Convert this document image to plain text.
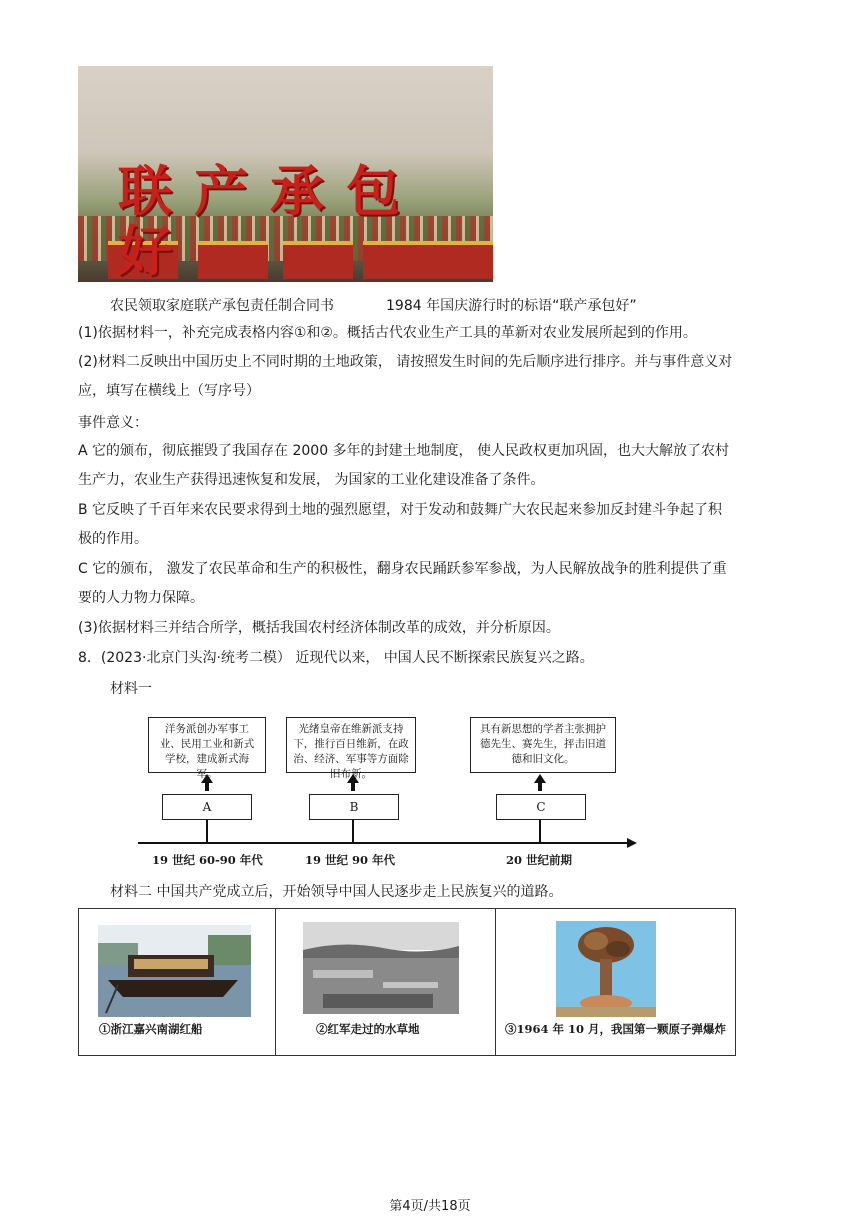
联产承包好
农民领取家庭联产承包责任制合同书	1984 年国庆游行时的标语“联产承包好”
(1)依据材料一，补充完成表格内容①和②。概括古代农业生产工具的革新对农业发展所起到的作用。
(2)材料二反映出中国历史上不同时期的土地政策， 请按照发生时间的先后顺序进行排序。并与事件意义对
应，填写在横线上（写序号）
事件意义：
A 它的颁布，彻底摧毁了我国存在 2000 多年的封建土地制度， 使人民政权更加巩固，也大大解放了农村
生产力，农业生产获得迅速恢复和发展， 为国家的工业化建设准备了条件。
B 它反映了千百年来农民要求得到土地的强烈愿望，对于发动和鼓舞广大农民起来参加反封建斗争起了积
极的作用。
C 它的颁布， 激发了农民革命和生产的积极性，翻身农民踊跃参军参战，为人民解放战争的胜利提供了重
要的人力物力保障。
(3)依据材料三并结合所学，概括我国农村经济体制改革的成效，并分析原因。
8．(2023·北京门头沟·统考二模） 近现代以来， 中国人民不断探索民族复兴之路。
材料一
洋务派创办军事工业、民用工业和新式学校，建成新式海军。
光绪皇帝在维新派支持下，推行百日维新，在政治、经济、军事等方面除旧布新。
具有新思想的学者主张拥护德先生、赛先生，抨击旧道德和旧文化。
A	B	C
19 世纪 60-90 年代	19 世纪 90 年代	20 世纪前期
材料二 中国共产党成立后，开始领导中国人民逐步走上民族复兴的道路。
①浙江嘉兴南湖红船	②红军走过的水草地	③1964 年 10 月，我国第一颗原子弹爆炸
第4页/共18页
